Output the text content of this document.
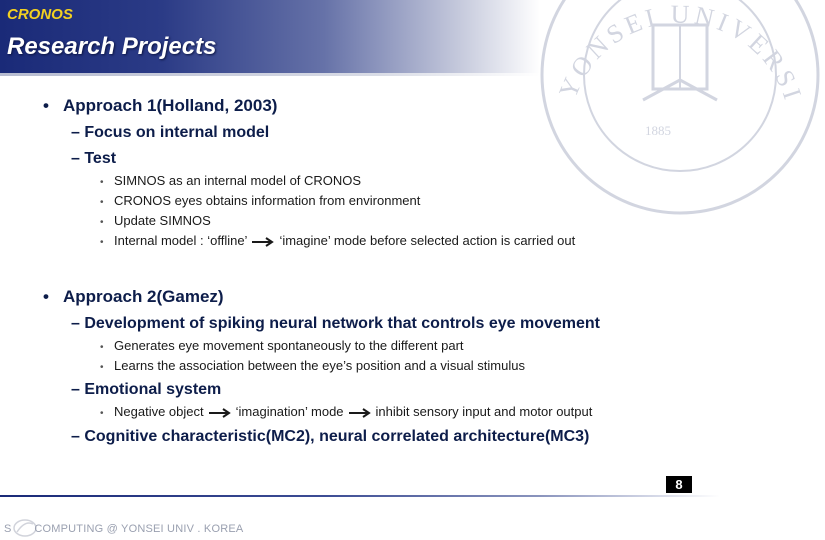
CRONOS
Research Projects
YONSEI UNIVERSI
1885
• Approach 1(Holland, 2003)
– Focus on internal model
– Test
• SIMNOS as an internal model of CRONOS
• CRONOS eyes obtains information from environment
• Update SIMNOS
• Internal model : ‘offline’ ‘imagine’ mode before selected action is carried out
• Approach 2(Gamez)
– Development of spiking neural network that controls eye movement
• Generates eye movement spontaneously to the different part
• Learns the association between the eye’s position and a visual stimulus
– Emotional system
• Negative object ‘imagination’ mode inhibit sensory input and motor output
– Cognitive characteristic(MC2), neural correlated architecture(MC3)
8
S       COMPUTING @ YONSEI UNIV . KOREA
